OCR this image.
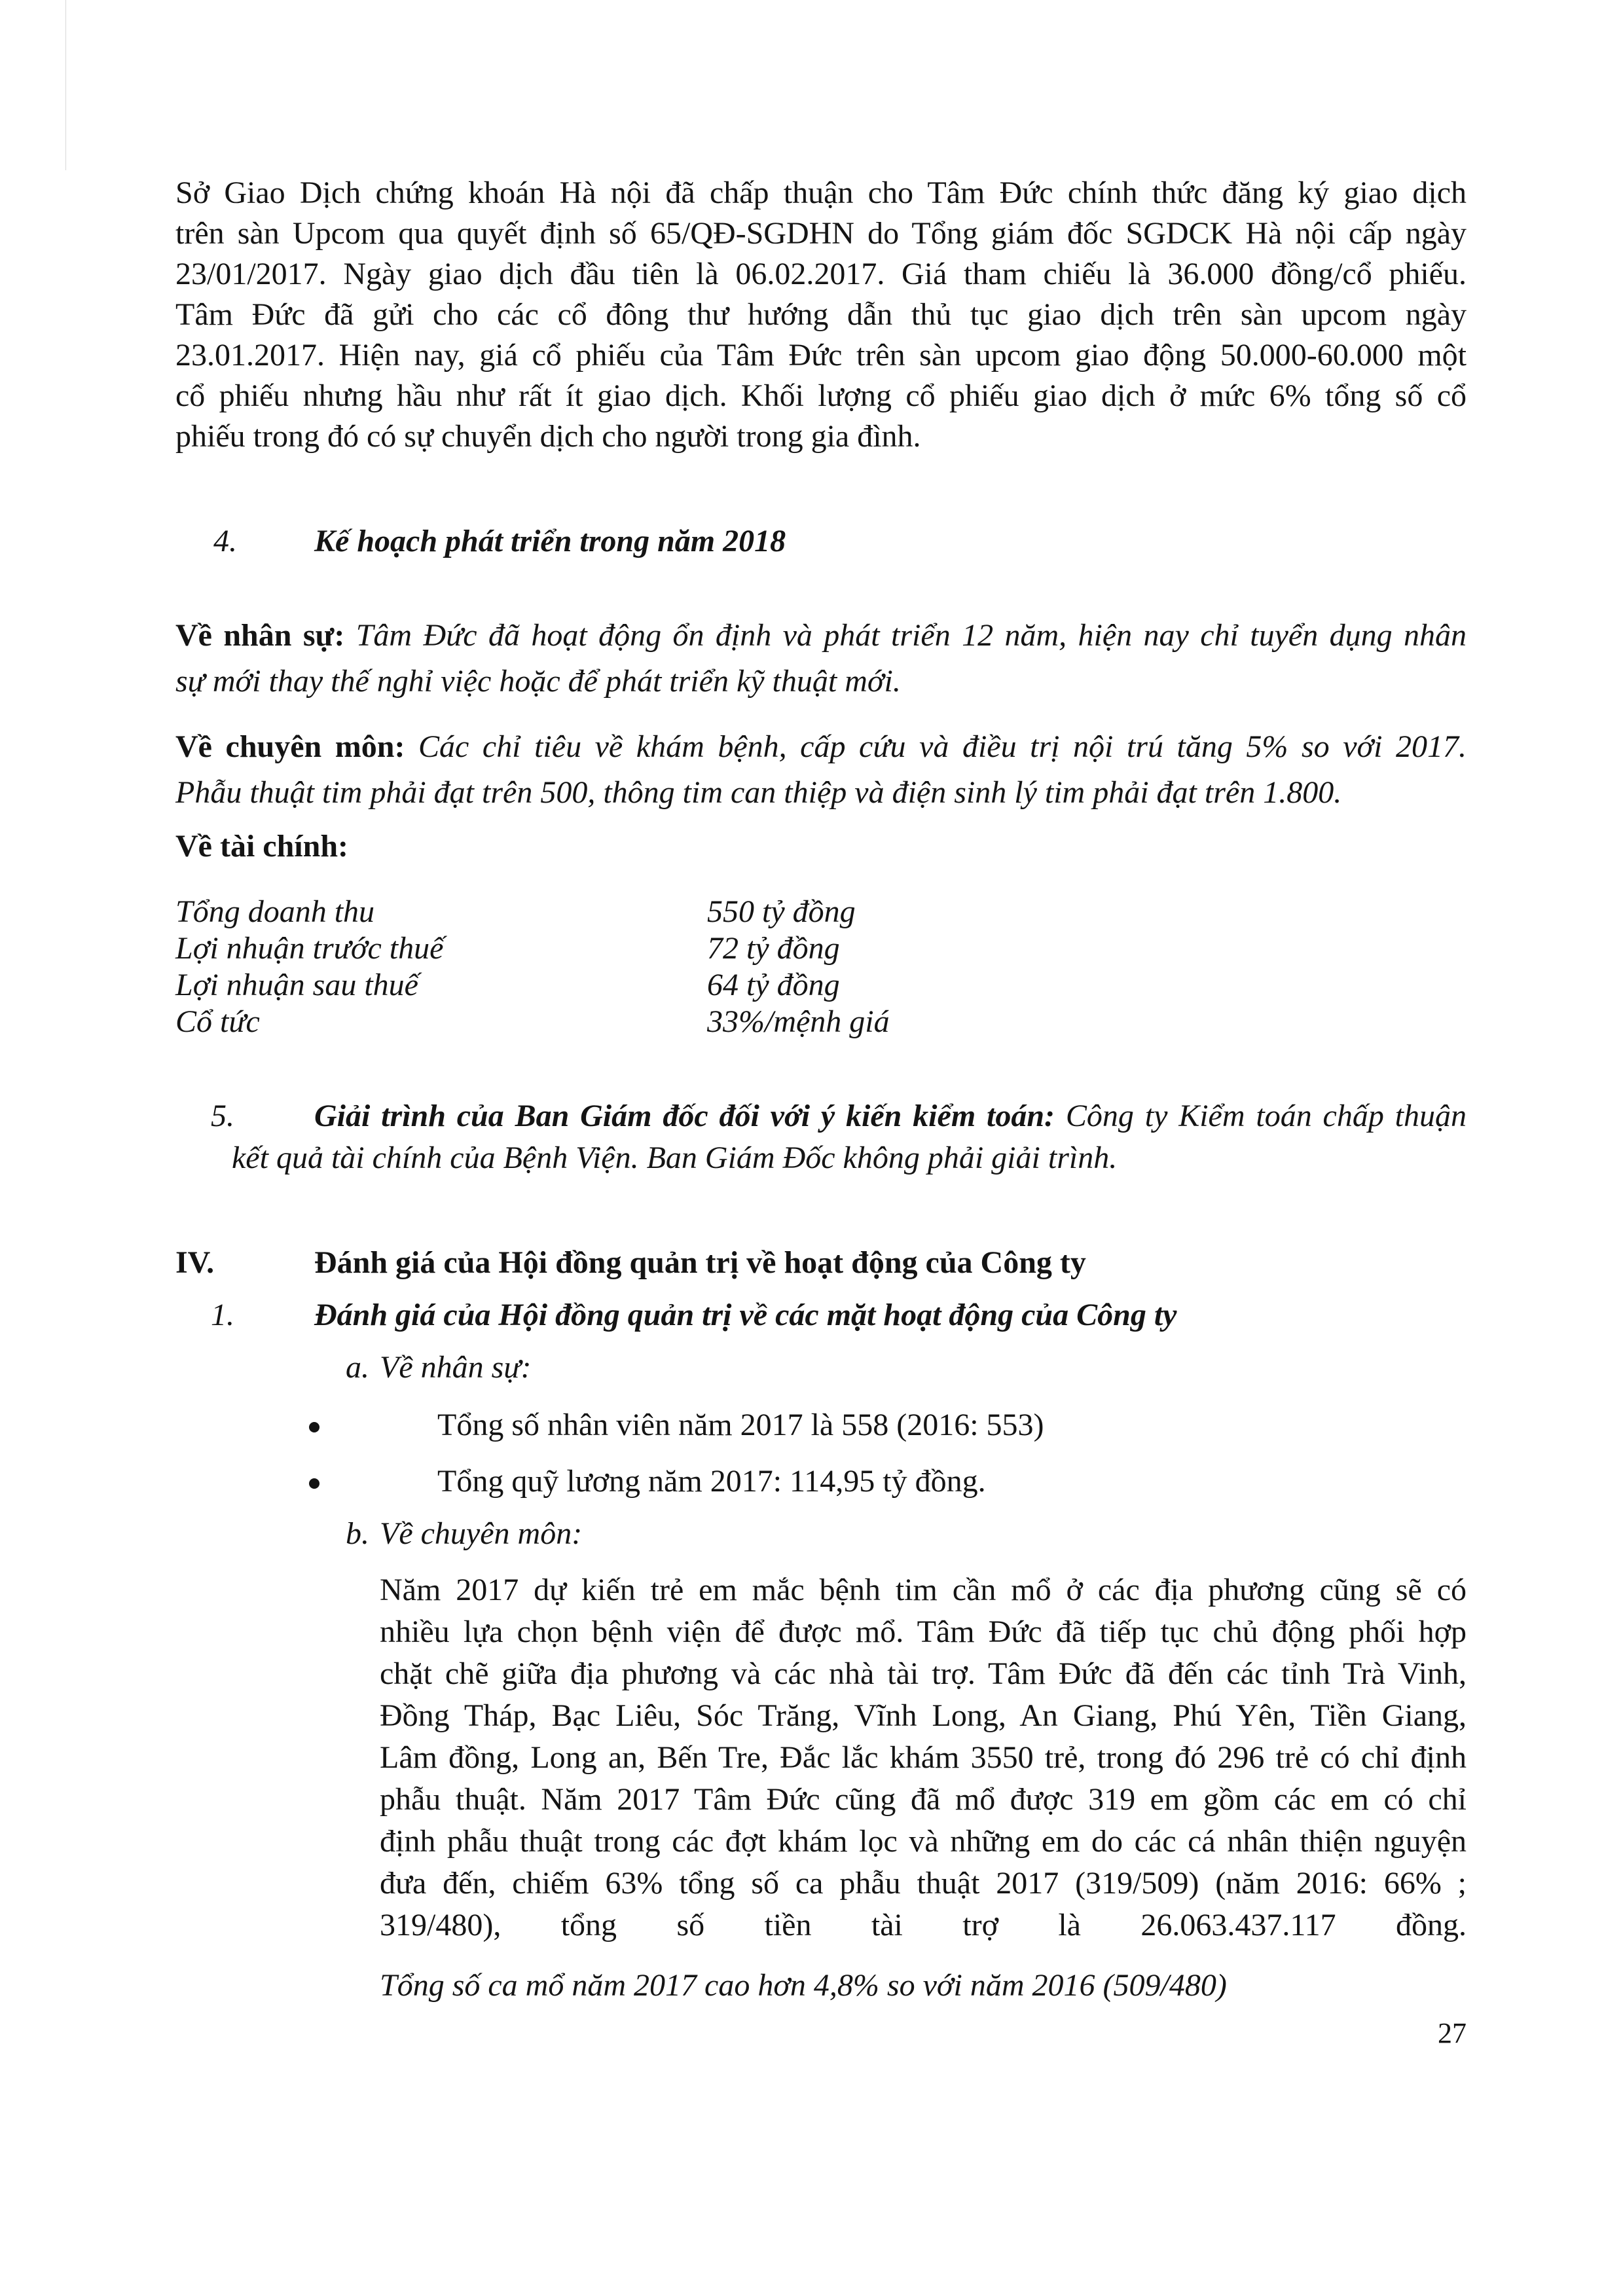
Sở Giao Dịch chứng khoán Hà nội đã chấp thuận cho Tâm Đức chính thức đăng ký giao dịch
trên sàn Upcom qua quyết định số 65/QĐ-SGDHN do Tổng giám đốc SGDCK Hà nội cấp ngày
23/01/2017. Ngày giao dịch đầu tiên là 06.02.2017. Giá tham chiếu là 36.000 đồng/cổ phiếu.
Tâm Đức đã gửi cho các cổ đông thư hướng dẫn thủ tục giao dịch trên sàn upcom ngày
23.01.2017. Hiện nay, giá cổ phiếu của Tâm Đức trên sàn upcom giao động 50.000-60.000 một
cổ phiếu nhưng hầu như rất ít giao dịch. Khối lượng cổ phiếu giao dịch ở mức 6% tổng số cổ
phiếu trong đó có sự chuyển dịch cho người trong gia đình.
4. Kế hoạch phát triển trong năm 2018
Về nhân sự: Tâm Đức đã hoạt động ổn định và phát triển 12 năm, hiện nay chỉ tuyển dụng nhân
sự mới thay thế nghỉ việc hoặc để phát triển kỹ thuật mới.
Về chuyên môn: Các chỉ tiêu về khám bệnh, cấp cứu và điều trị nội trú tăng 5% so với 2017.
Phẫu thuật tim phải đạt trên 500, thông tim can thiệp và điện sinh lý tim phải đạt trên 1.800.
Về tài chính:
Tổng doanh thu	550 tỷ đồng
Lợi nhuận trước thuế	72 tỷ đồng
Lợi nhuận sau thuế	64 tỷ đồng
Cổ tức	33%/mệnh giá
5.	Giải trình của Ban Giám đốc đối với ý kiến kiểm toán: Công ty Kiểm toán chấp thuận
kết quả tài chính của Bệnh Viện. Ban Giám Đốc không phải giải trình.
IV.	Đánh giá của Hội đồng quản trị về hoạt động của Công ty
1.	Đánh giá của Hội đồng quản trị về các mặt hoạt động của Công ty
a. Về nhân sự:
Tổng số nhân viên năm 2017 là 558 (2016: 553)
Tổng quỹ lương năm 2017: 114,95 tỷ đồng.
b. Về chuyên môn:
Năm 2017 dự kiến trẻ em mắc bệnh tim cần mổ ở các địa phương cũng sẽ có
nhiều lựa chọn bệnh viện để được mổ. Tâm Đức đã tiếp tục chủ động phối hợp
chặt chẽ giữa địa phương và các nhà tài trợ. Tâm Đức đã đến các tỉnh Trà Vinh,
Đồng Tháp, Bạc Liêu, Sóc Trăng, Vĩnh Long, An Giang, Phú Yên, Tiền Giang,
Lâm đồng, Long an, Bến Tre, Đắc lắc khám 3550 trẻ, trong đó 296 trẻ có chỉ định
phẫu thuật. Năm 2017 Tâm Đức cũng đã mổ được 319 em gồm các em có chỉ
định phẫu thuật trong các đợt khám lọc và những em do các cá nhân thiện nguyện
đưa đến, chiếm 63% tổng số ca phẫu thuật 2017 (319/509) (năm 2016: 66% ;
319/480), tổng số tiền tài trợ là 26.063.437.117 đồng.
Tổng số ca mổ năm 2017 cao hơn 4,8% so với năm 2016 (509/480)
27
